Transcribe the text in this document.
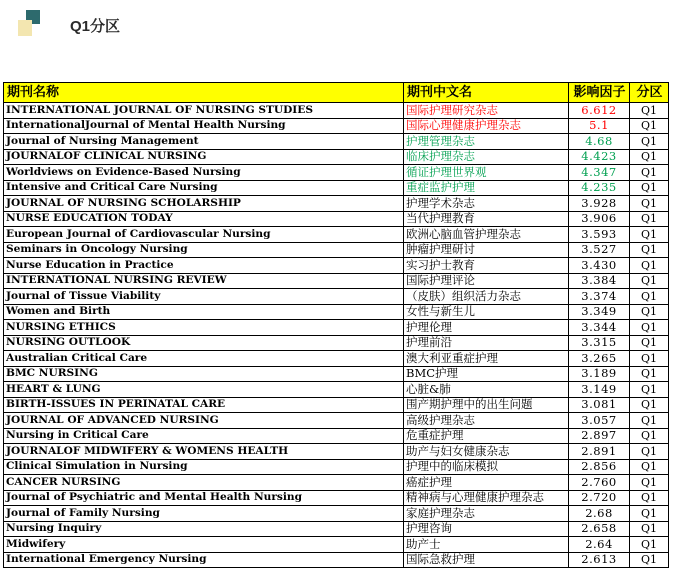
Q1分区
期刊名称	期刊中文名	影响因子	分区
INTERNATIONAL JOURNAL OF NURSING STUDIES	国际护理研究杂志	6.612	Q1
InternationalJournal of Mental Health Nursing	国际心理健康护理杂志	5.1	Q1
Journal of Nursing Management	护理管理杂志	4.68	Q1
JOURNALOF CLINICAL NURSING	临床护理杂志	4.423	Q1
Worldviews on Evidence-Based Nursing	循证护理世界观	4.347	Q1
Intensive and Critical Care Nursing	重症监护护理	4.235	Q1
JOURNAL OF NURSING SCHOLARSHIP	护理学术杂志	3.928	Q1
NURSE EDUCATION TODAY	当代护理教育	3.906	Q1
European Journal of Cardiovascular Nursing	欧洲心脑血管护理杂志	3.593	Q1
Seminars in Oncology Nursing	肿瘤护理研讨	3.527	Q1
Nurse Education in Practice	实习护士教育	3.430	Q1
INTERNATIONAL NURSING REVIEW	国际护理评论	3.384	Q1
Journal of Tissue Viability	（皮肤）组织活力杂志	3.374	Q1
Women and Birth	女性与新生儿	3.349	Q1
NURSING ETHICS	护理伦理	3.344	Q1
NURSING OUTLOOK	护理前沿	3.315	Q1
Australian Critical Care	澳大利亚重症护理	3.265	Q1
BMC NURSING	BMC护理	3.189	Q1
HEART & LUNG	心脏&肺	3.149	Q1
BIRTH-ISSUES IN PERINATAL CARE	围产期护理中的出生问题	3.081	Q1
JOURNAL OF ADVANCED NURSING	高级护理杂志	3.057	Q1
Nursing in Critical Care	危重症护理	2.897	Q1
JOURNALOF MIDWIFERY & WOMENS HEALTH	助产与妇女健康杂志	2.891	Q1
Clinical Simulation in Nursing	护理中的临床模拟	2.856	Q1
CANCER NURSING	癌症护理	2.760	Q1
Journal of Psychiatric and Mental Health Nursing	精神病与心理健康护理杂志	2.720	Q1
Journal of Family Nursing	家庭护理杂志	2.68	Q1
Nursing Inquiry	护理咨询	2.658	Q1
Midwifery	助产士	2.64	Q1
International Emergency Nursing	国际急救护理	2.613	Q1
